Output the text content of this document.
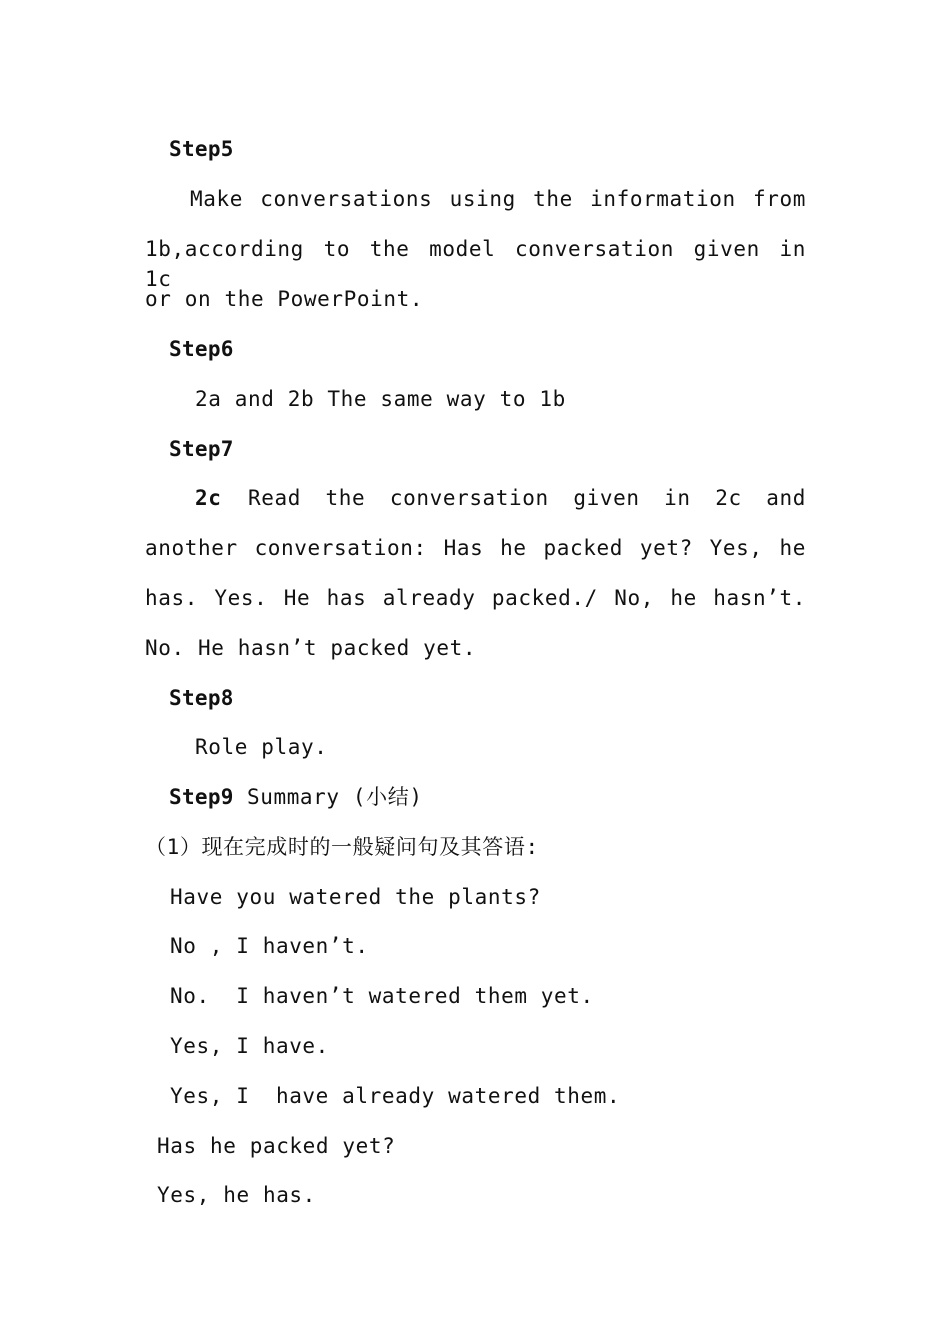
Step5
Make conversations using the information from
1b,according to the model conversation given in 1c
or on the PowerPoint.
Step6
2a and 2b The same way to 1b
Step7
2c Read the conversation given in 2c and
another conversation: Has he packed yet? Yes, he
has. Yes. He has already packed./ No, he hasn’t.
No. He hasn’t packed yet.
Step8
Role play.
Step9 Summary (小结)
（1）现在完成时的一般疑问句及其答语:
Have you watered the plants?
No , I haven’t.
No.  I haven’t watered them yet.
Yes, I have.
Yes, I  have already watered them.
Has he packed yet?
Yes, he has.
